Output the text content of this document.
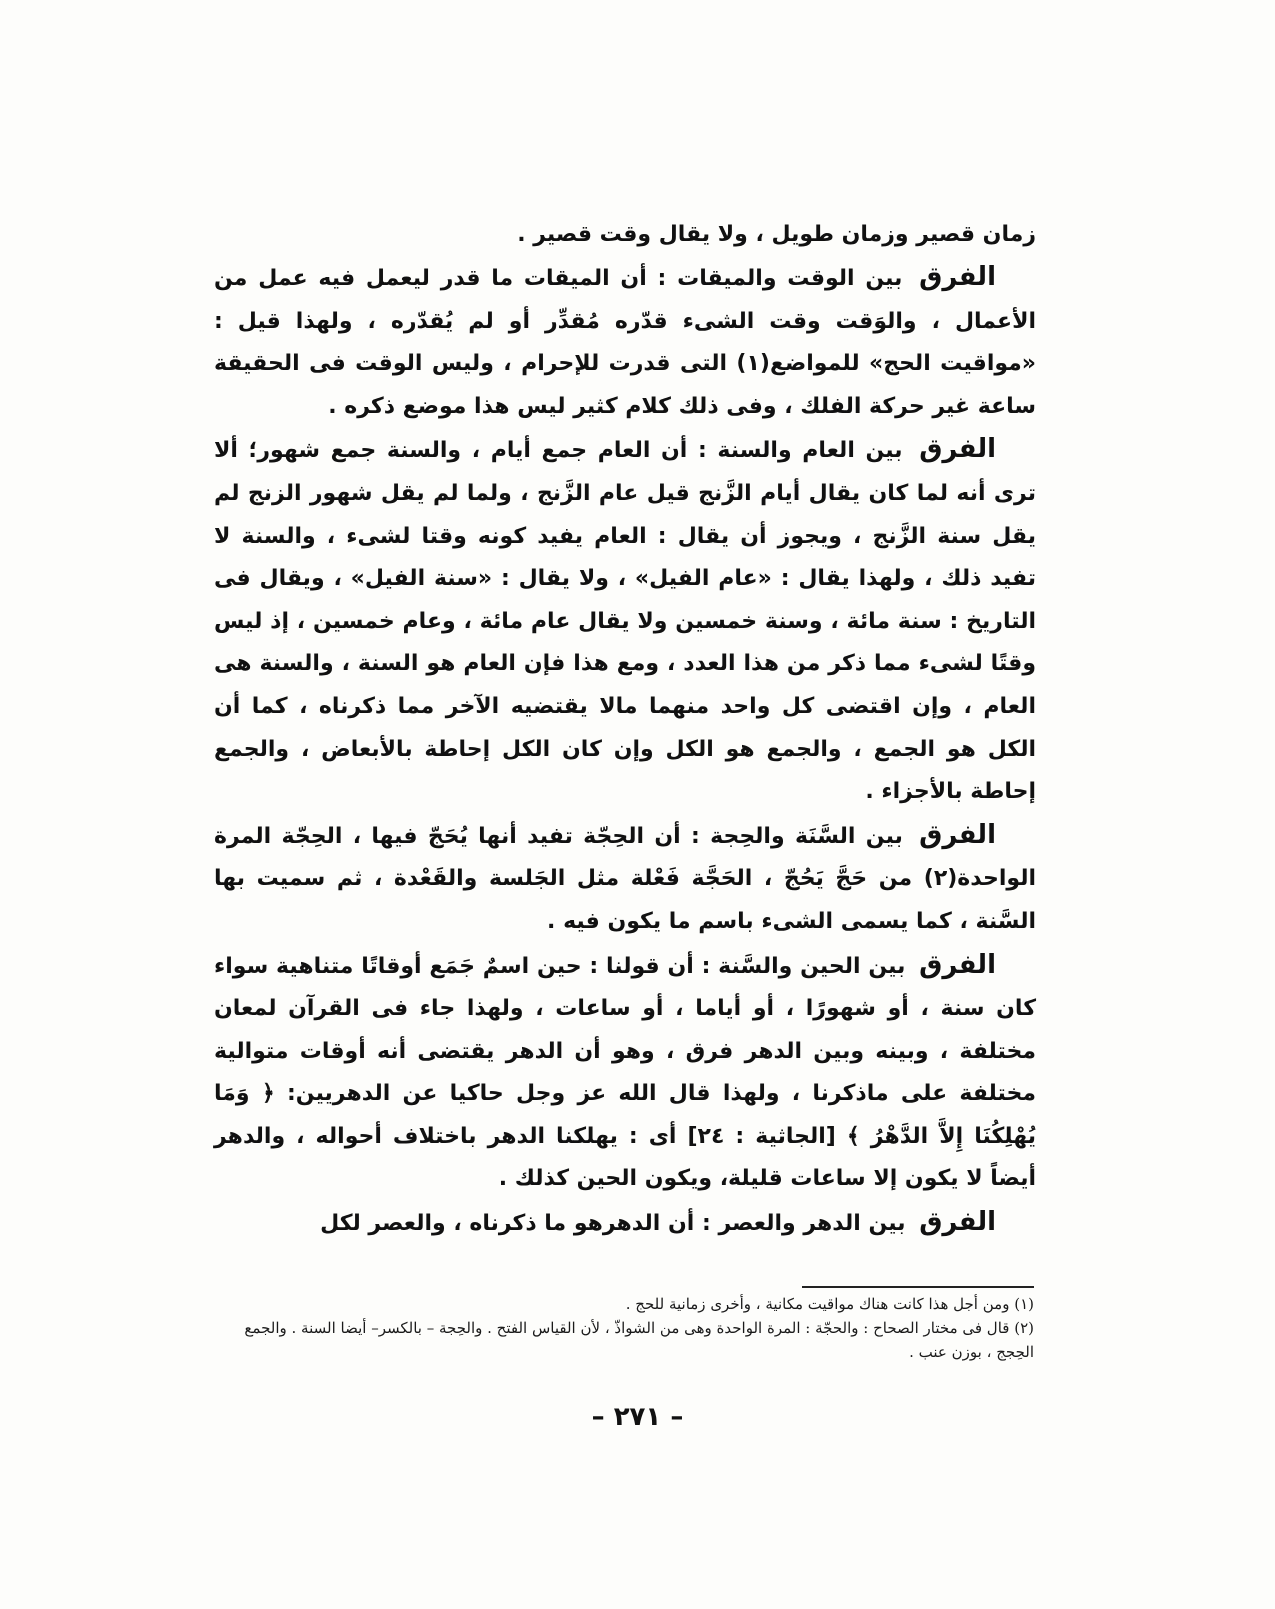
زمان قصير وزمان طويل ، ولا يقال وقت قصير .

الفرق بين الوقت والميقات : أن الميقات ما قدر ليعمل فيه عمل من الأعمال ، والوَقت وقت الشىء قدّره مُقدِّر أو لم يُقدّره ، ولهذا قيل : «مواقيت الحج» للمواضع(١) التى قدرت للإحرام ، وليس الوقت فى الحقيقة ساعة غير حركة الفلك ، وفى ذلك كلام كثير ليس هذا موضع ذكره .

الفرق بين العام والسنة : أن العام جمع أيام ، والسنة جمع شهور؛ ألا ترى أنه لما كان يقال أيام الزَّنج قيل عام الزَّنج ، ولما لم يقل شهور الزنج لم يقل سنة الزَّنج ، ويجوز أن يقال : العام يفيد كونه وقتا لشىء ، والسنة لا تفيد ذلك ، ولهذا يقال : «عام الفيل» ، ولا يقال : «سنة الفيل» ، ويقال فى التاريخ : سنة مائة ، وسنة خمسين ولا يقال عام مائة ، وعام خمسين ، إذ ليس وقتًا لشىء مما ذكر من هذا العدد ، ومع هذا فإن العام هو السنة ، والسنة هى العام ، وإن اقتضى كل واحد منهما مالا يقتضيه الآخر مما ذكرناه ، كما أن الكل هو الجمع ، والجمع هو الكل وإن كان الكل إحاطة بالأبعاض ، والجمع إحاطة بالأجزاء .

الفرق بين السَّنَة والحِجة : أن الحِجّة تفيد أنها يُحَجّ فيها ، الحِجّة المرة الواحدة(٢) من حَجَّ يَحُجّ ، الحَجَّة فَعْلة مثل الجَلسة والقَعْدة ، ثم سميت بها السَّنة ، كما يسمى الشىء باسم ما يكون فيه .

الفرق بين الحين والسَّنة : أن قولنا : حين اسمٌ جَمَع أوقاتًا متناهية سواء كان سنة ، أو شهورًا ، أو أياما ، أو ساعات ، ولهذا جاء فى القرآن لمعان مختلفة ، وبينه وبين الدهر فرق ، وهو أن الدهر يقتضى أنه أوقات متوالية مختلفة على ماذكرنا ، ولهذا قال الله عز وجل حاكيا عن الدهريين: ﴿ وَمَا يُهْلِكُنَا إِلاَّ الدَّهْرُ ﴾ [الجاثية : ٢٤] أى : يهلكنا الدهر باختلاف أحواله ، والدهر أيضاً لا يكون إلا ساعات قليلة، ويكون الحين كذلك .

الفرق بين الدهر والعصر : أن الدهرهو ما ذكرناه ، والعصر لكل

(١) ومن أجل هذا كانت هناك مواقيت مكانية ، وأخرى زمانية للحج .

(٢) قال فى مختار الصحاح : والحجّة : المرة الواحدة وهى من الشواذّ ، لأن القياس الفتح . والحِجة – بالكسر– أيضا السنة . والجمع الحِجج ، بوزن عنب .

– ٢٧١ –
